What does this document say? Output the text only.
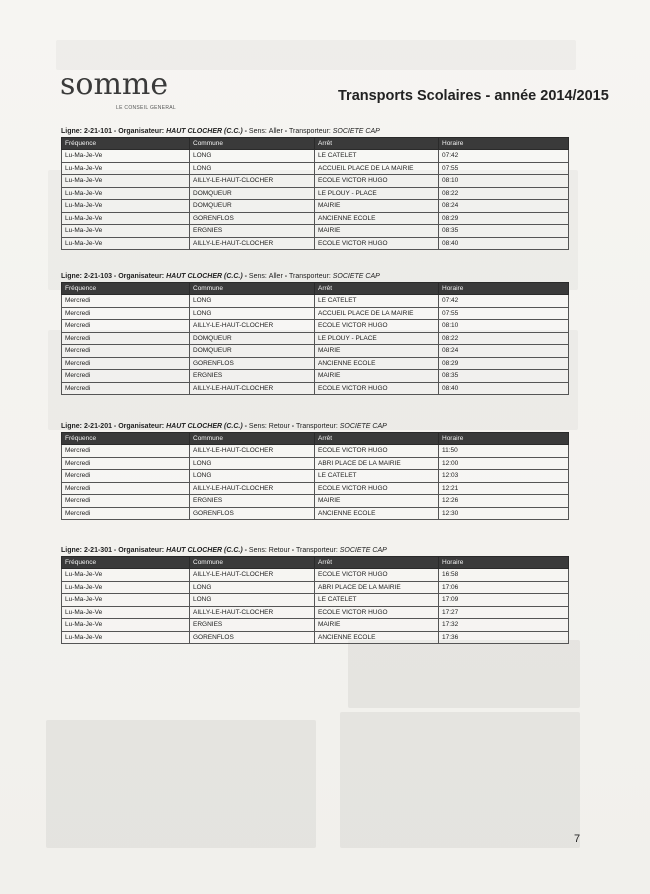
somme
LE CONSEIL GENERAL
Transports Scolaires - année 2014/2015
Ligne: 2-21-101 - Organisateur: HAUT CLOCHER (C.C.) - Sens: Aller - Transporteur: SOCIETE CAP
Fréquence	Commune	Arrêt	Horaire
Lu-Ma-Je-Ve	LONG	LE CATELET	07:42
Lu-Ma-Je-Ve	LONG	ACCUEIL PLACE DE LA MAIRIE	07:55
Lu-Ma-Je-Ve	AILLY-LE-HAUT-CLOCHER	ECOLE VICTOR HUGO	08:10
Lu-Ma-Je-Ve	DOMQUEUR	LE PLOUY - PLACE	08:22
Lu-Ma-Je-Ve	DOMQUEUR	MAIRIE	08:24
Lu-Ma-Je-Ve	GORENFLOS	ANCIENNE ECOLE	08:29
Lu-Ma-Je-Ve	ERGNIES	MAIRIE	08:35
Lu-Ma-Je-Ve	AILLY-LE-HAUT-CLOCHER	ECOLE VICTOR HUGO	08:40
Ligne: 2-21-103 - Organisateur: HAUT CLOCHER (C.C.) - Sens: Aller - Transporteur: SOCIETE CAP
Fréquence	Commune	Arrêt	Horaire
Mercredi	LONG	LE CATELET	07:42
Mercredi	LONG	ACCUEIL PLACE DE LA MAIRIE	07:55
Mercredi	AILLY-LE-HAUT-CLOCHER	ECOLE VICTOR HUGO	08:10
Mercredi	DOMQUEUR	LE PLOUY - PLACE	08:22
Mercredi	DOMQUEUR	MAIRIE	08:24
Mercredi	GORENFLOS	ANCIENNE ECOLE	08:29
Mercredi	ERGNIES	MAIRIE	08:35
Mercredi	AILLY-LE-HAUT-CLOCHER	ECOLE VICTOR HUGO	08:40
Ligne: 2-21-201 - Organisateur: HAUT CLOCHER (C.C.) - Sens: Retour - Transporteur: SOCIETE CAP
Fréquence	Commune	Arrêt	Horaire
Mercredi	AILLY-LE-HAUT-CLOCHER	ECOLE VICTOR HUGO	11:50
Mercredi	LONG	ABRI PLACE DE LA MAIRIE	12:00
Mercredi	LONG	LE CATELET	12:03
Mercredi	AILLY-LE-HAUT-CLOCHER	ECOLE VICTOR HUGO	12:21
Mercredi	ERGNIES	MAIRIE	12:26
Mercredi	GORENFLOS	ANCIENNE ECOLE	12:30
Ligne: 2-21-301 - Organisateur: HAUT CLOCHER (C.C.) - Sens: Retour - Transporteur: SOCIETE CAP
Fréquence	Commune	Arrêt	Horaire
Lu-Ma-Je-Ve	AILLY-LE-HAUT-CLOCHER	ECOLE VICTOR HUGO	16:58
Lu-Ma-Je-Ve	LONG	ABRI PLACE DE LA MAIRIE	17:06
Lu-Ma-Je-Ve	LONG	LE CATELET	17:09
Lu-Ma-Je-Ve	AILLY-LE-HAUT-CLOCHER	ECOLE VICTOR HUGO	17:27
Lu-Ma-Je-Ve	ERGNIES	MAIRIE	17:32
Lu-Ma-Je-Ve	GORENFLOS	ANCIENNE ECOLE	17:36
7
